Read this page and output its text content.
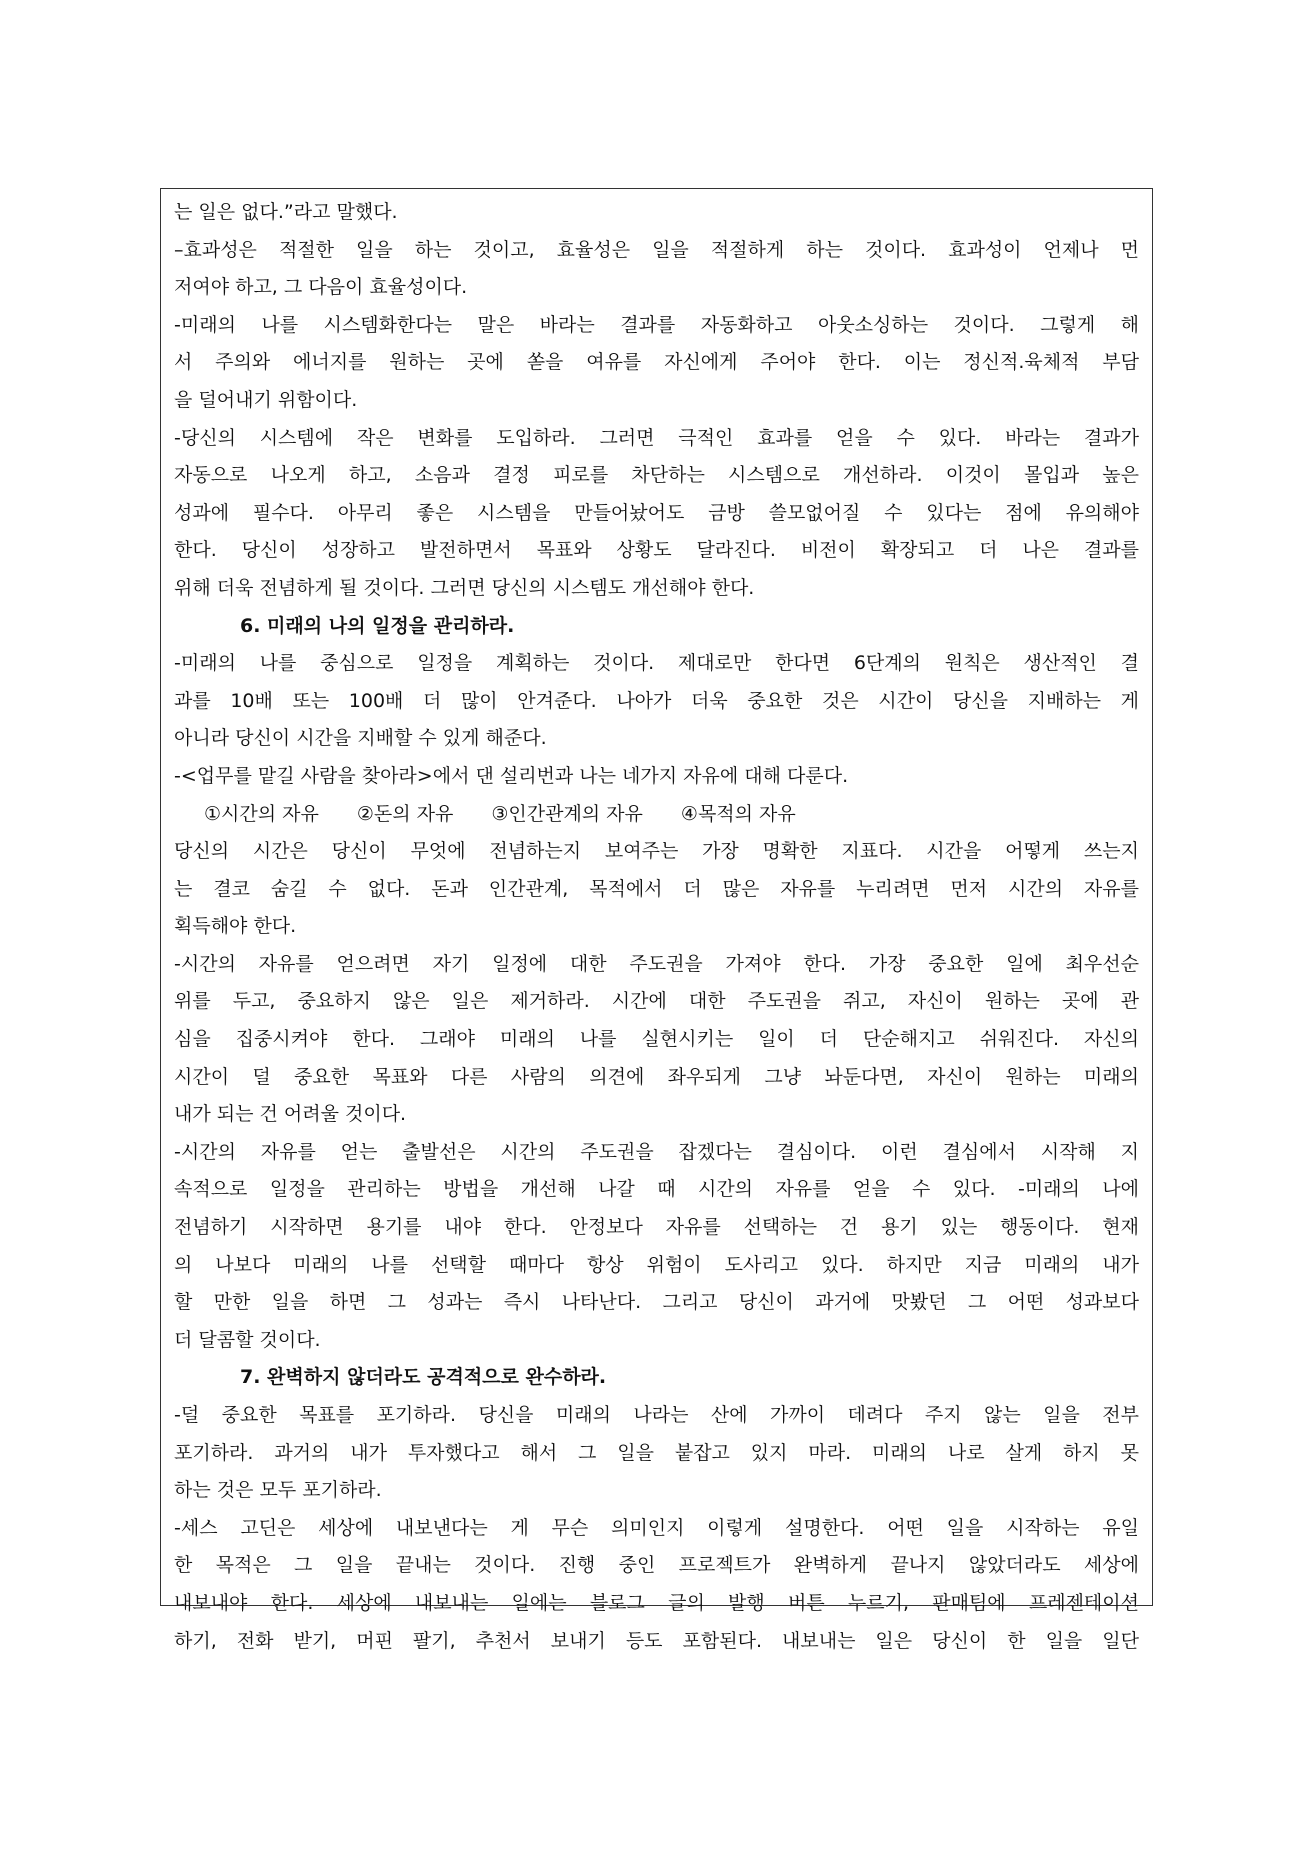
는 일은 없다.”라고 말했다.
–효과성은 적절한 일을 하는 것이고, 효율성은 일을 적절하게 하는 것이다. 효과성이 언제나 먼
저여야 하고, 그 다음이 효율성이다.
-미래의 나를 시스템화한다는 말은 바라는 결과를 자동화하고 아웃소싱하는 것이다. 그렇게 해
서 주의와 에너지를 원하는 곳에 쏟을 여유를 자신에게 주어야 한다. 이는 정신적.육체적 부담
을 덜어내기 위함이다.
-당신의 시스템에 작은 변화를 도입하라. 그러면 극적인 효과를 얻을 수 있다. 바라는 결과가
자동으로 나오게 하고, 소음과 결정 피로를 차단하는 시스템으로 개선하라. 이것이 몰입과 높은
성과에 필수다. 아무리 좋은 시스템을 만들어놨어도 금방 쓸모없어질 수 있다는 점에 유의해야
한다. 당신이 성장하고 발전하면서 목표와 상황도 달라진다. 비전이 확장되고 더 나은 결과를
위해 더욱 전념하게 될 것이다. 그러면 당신의 시스템도 개선해야 한다.
6. 미래의 나의 일정을 관리하라.
-미래의 나를 중심으로 일정을 계획하는 것이다. 제대로만 한다면 6단계의 원칙은 생산적인 결
과를 10배 또는 100배 더 많이 안겨준다. 나아가 더욱 중요한 것은 시간이 당신을 지배하는 게
아니라 당신이 시간을 지배할 수 있게 해준다.
-<업무를 맡길 사람을 찾아라>에서 댄 설리번과 나는 네가지 자유에 대해 다룬다.
①시간의 자유 ②돈의 자유 ③인간관계의 자유 ④목적의 자유
당신의 시간은 당신이 무엇에 전념하는지 보여주는 가장 명확한 지표다. 시간을 어떻게 쓰는지
는 결코 숨길 수 없다. 돈과 인간관계, 목적에서 더 많은 자유를 누리려면 먼저 시간의 자유를
획득해야 한다.
-시간의 자유를 얻으려면 자기 일정에 대한 주도권을 가져야 한다. 가장 중요한 일에 최우선순
위를 두고, 중요하지 않은 일은 제거하라. 시간에 대한 주도권을 쥐고, 자신이 원하는 곳에 관
심을 집중시켜야 한다. 그래야 미래의 나를 실현시키는 일이 더 단순해지고 쉬워진다. 자신의
시간이 덜 중요한 목표와 다른 사람의 의견에 좌우되게 그냥 놔둔다면, 자신이 원하는 미래의
내가 되는 건 어려울 것이다.
-시간의 자유를 얻는 출발선은 시간의 주도권을 잡겠다는 결심이다. 이런 결심에서 시작해 지
속적으로 일정을 관리하는 방법을 개선해 나갈 때 시간의 자유를 얻을 수 있다. -미래의 나에
전념하기 시작하면 용기를 내야 한다. 안정보다 자유를 선택하는 건 용기 있는 행동이다. 현재
의 나보다 미래의 나를 선택할 때마다 항상 위험이 도사리고 있다. 하지만 지금 미래의 내가
할 만한 일을 하면 그 성과는 즉시 나타난다. 그리고 당신이 과거에 맛봤던 그 어떤 성과보다
더 달콤할 것이다.
7. 완벽하지 않더라도 공격적으로 완수하라.
-덜 중요한 목표를 포기하라. 당신을 미래의 나라는 산에 가까이 데려다 주지 않는 일을 전부
포기하라. 과거의 내가 투자했다고 해서 그 일을 붙잡고 있지 마라. 미래의 나로 살게 하지 못
하는 것은 모두 포기하라.
-세스 고딘은 세상에 내보낸다는 게 무슨 의미인지 이렇게 설명한다. 어떤 일을 시작하는 유일
한 목적은 그 일을 끝내는 것이다. 진행 중인 프로젝트가 완벽하게 끝나지 않았더라도 세상에
내보내야 한다. 세상에 내보내는 일에는 블로그 글의 발행 버튼 누르기, 판매팀에 프레젠테이션
하기, 전화 받기, 머핀 팔기, 추천서 보내기 등도 포함된다. 내보내는 일은 당신이 한 일을 일단
